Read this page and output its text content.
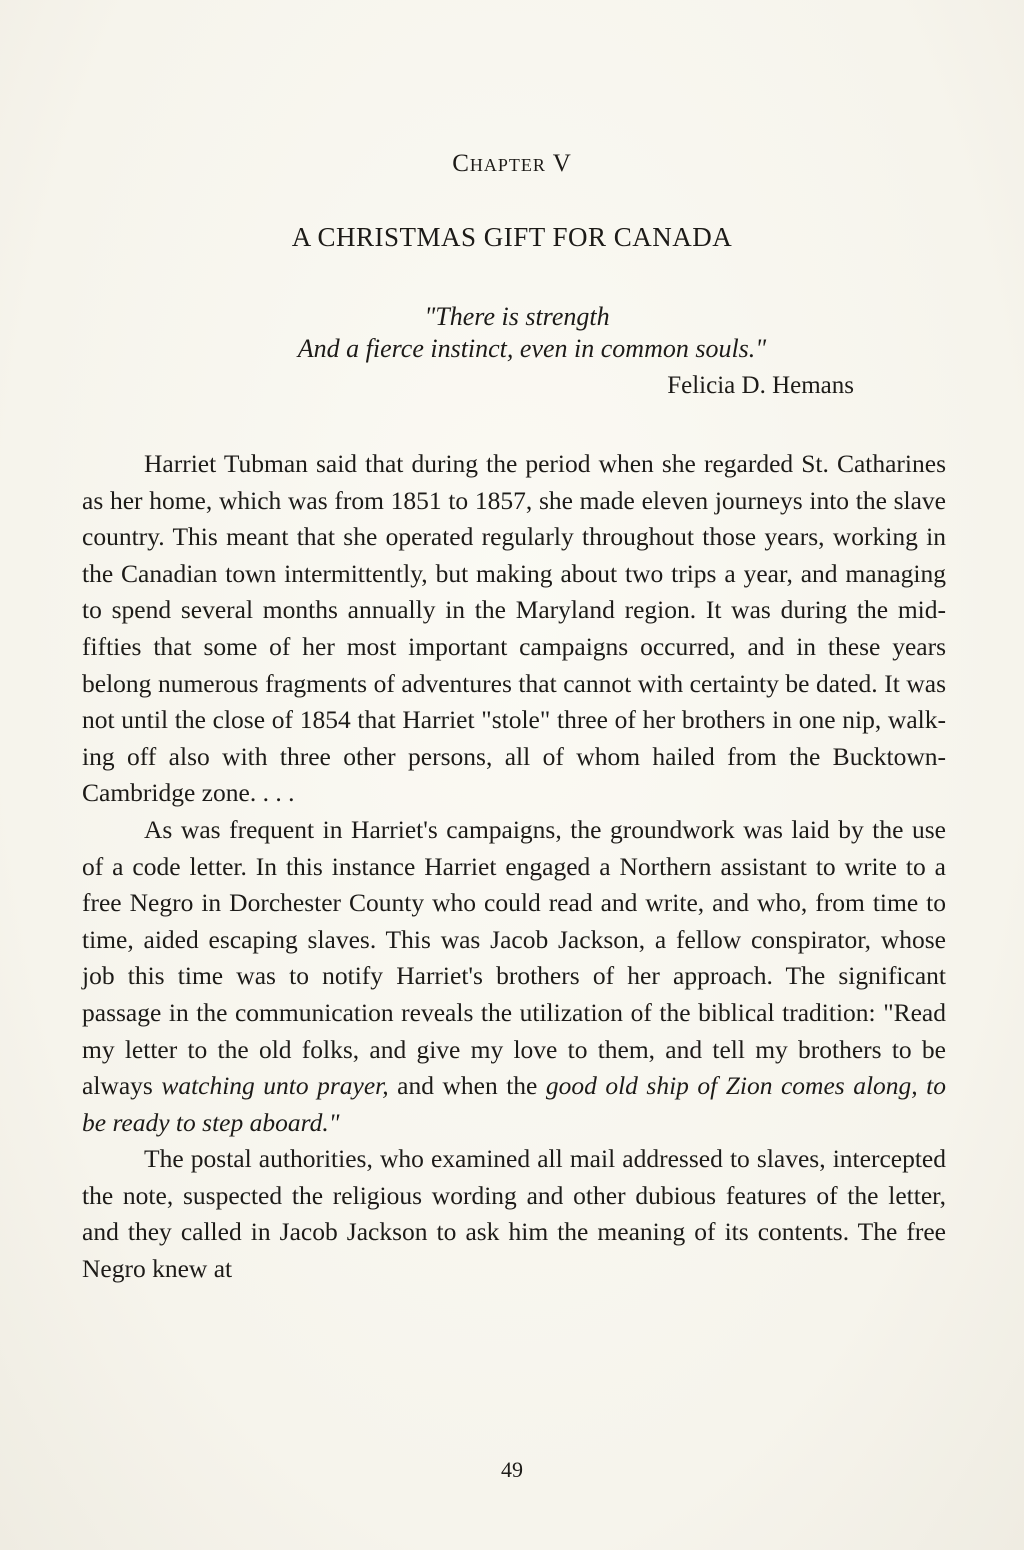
Chapter V
A CHRISTMAS GIFT FOR CANADA
"There is strength
And a fierce instinct, even in common souls."
Felicia D. Hemans

Harriet Tubman said that during the period when she regarded St. Catharines as her home, which was from 1851 to 1857, she made eleven journeys into the slave country. This meant that she operated regularly throughout those years, working in the Canadian town intermittently, but making about two trips a year, and managing to spend several months annually in the Maryland region. It was during the mid-fifties that some of her most important campaigns occurred, and in these years belong numerous fragments of adventures that cannot with certainty be dated. It was not until the close of 1854 that Harriet "stole" three of her brothers in one nip, walking off also with three other persons, all of whom hailed from the Bucktown-Cambridge zone. . . .

As was frequent in Harriet's campaigns, the groundwork was laid by the use of a code letter. In this instance Harriet engaged a Northern assistant to write to a free Negro in Dorchester County who could read and write, and who, from time to time, aided escaping slaves. This was Jacob Jackson, a fellow conspirator, whose job this time was to notify Harriet's brothers of her approach. The significant passage in the communication reveals the utilization of the biblical tradition: "Read my letter to the old folks, and give my love to them, and tell my brothers to be always watching unto prayer, and when the good old ship of Zion comes along, to be ready to step aboard."

The postal authorities, who examined all mail addressed to slaves, intercepted the note, suspected the religious wording and other dubious features of the letter, and they called in Jacob Jackson to ask him the meaning of its contents. The free Negro knew at

49
